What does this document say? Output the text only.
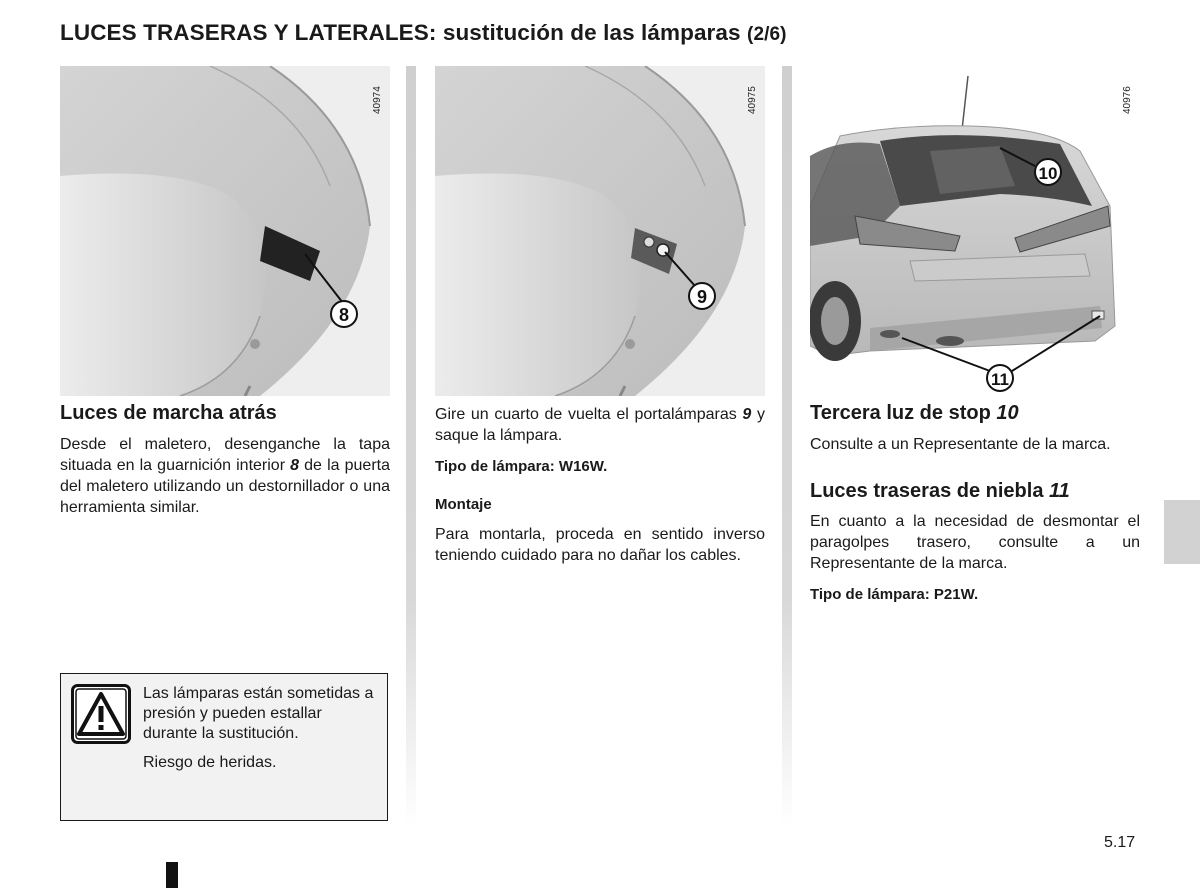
LUCES TRASERAS Y LATERALES: sustitución de las lámparas (2/6)
8
40974
9
40975
10
11
40976
Luces de marcha atrás

Desde el maletero, desenganche la tapa situada en la guarnición interior 8 de la puerta del maletero utilizando un destornillador o una herramienta similar.

Las lámparas están sometidas a presión y pueden estallar durante la sustitución.

Riesgo de heridas.

Gire un cuarto de vuelta el portalámparas 9 y saque la lámpara.

Tipo de lámpara: W16W.

Montaje

Para montarla, proceda en sentido inverso teniendo cuidado para no dañar los cables.

Tercera luz de stop 10

Consulte a un Representante de la marca.

Luces traseras de niebla 11

En cuanto a la necesidad de desmontar el paragolpes trasero, consulte a un Representante de la marca.

Tipo de lámpara: P21W.

5.17
